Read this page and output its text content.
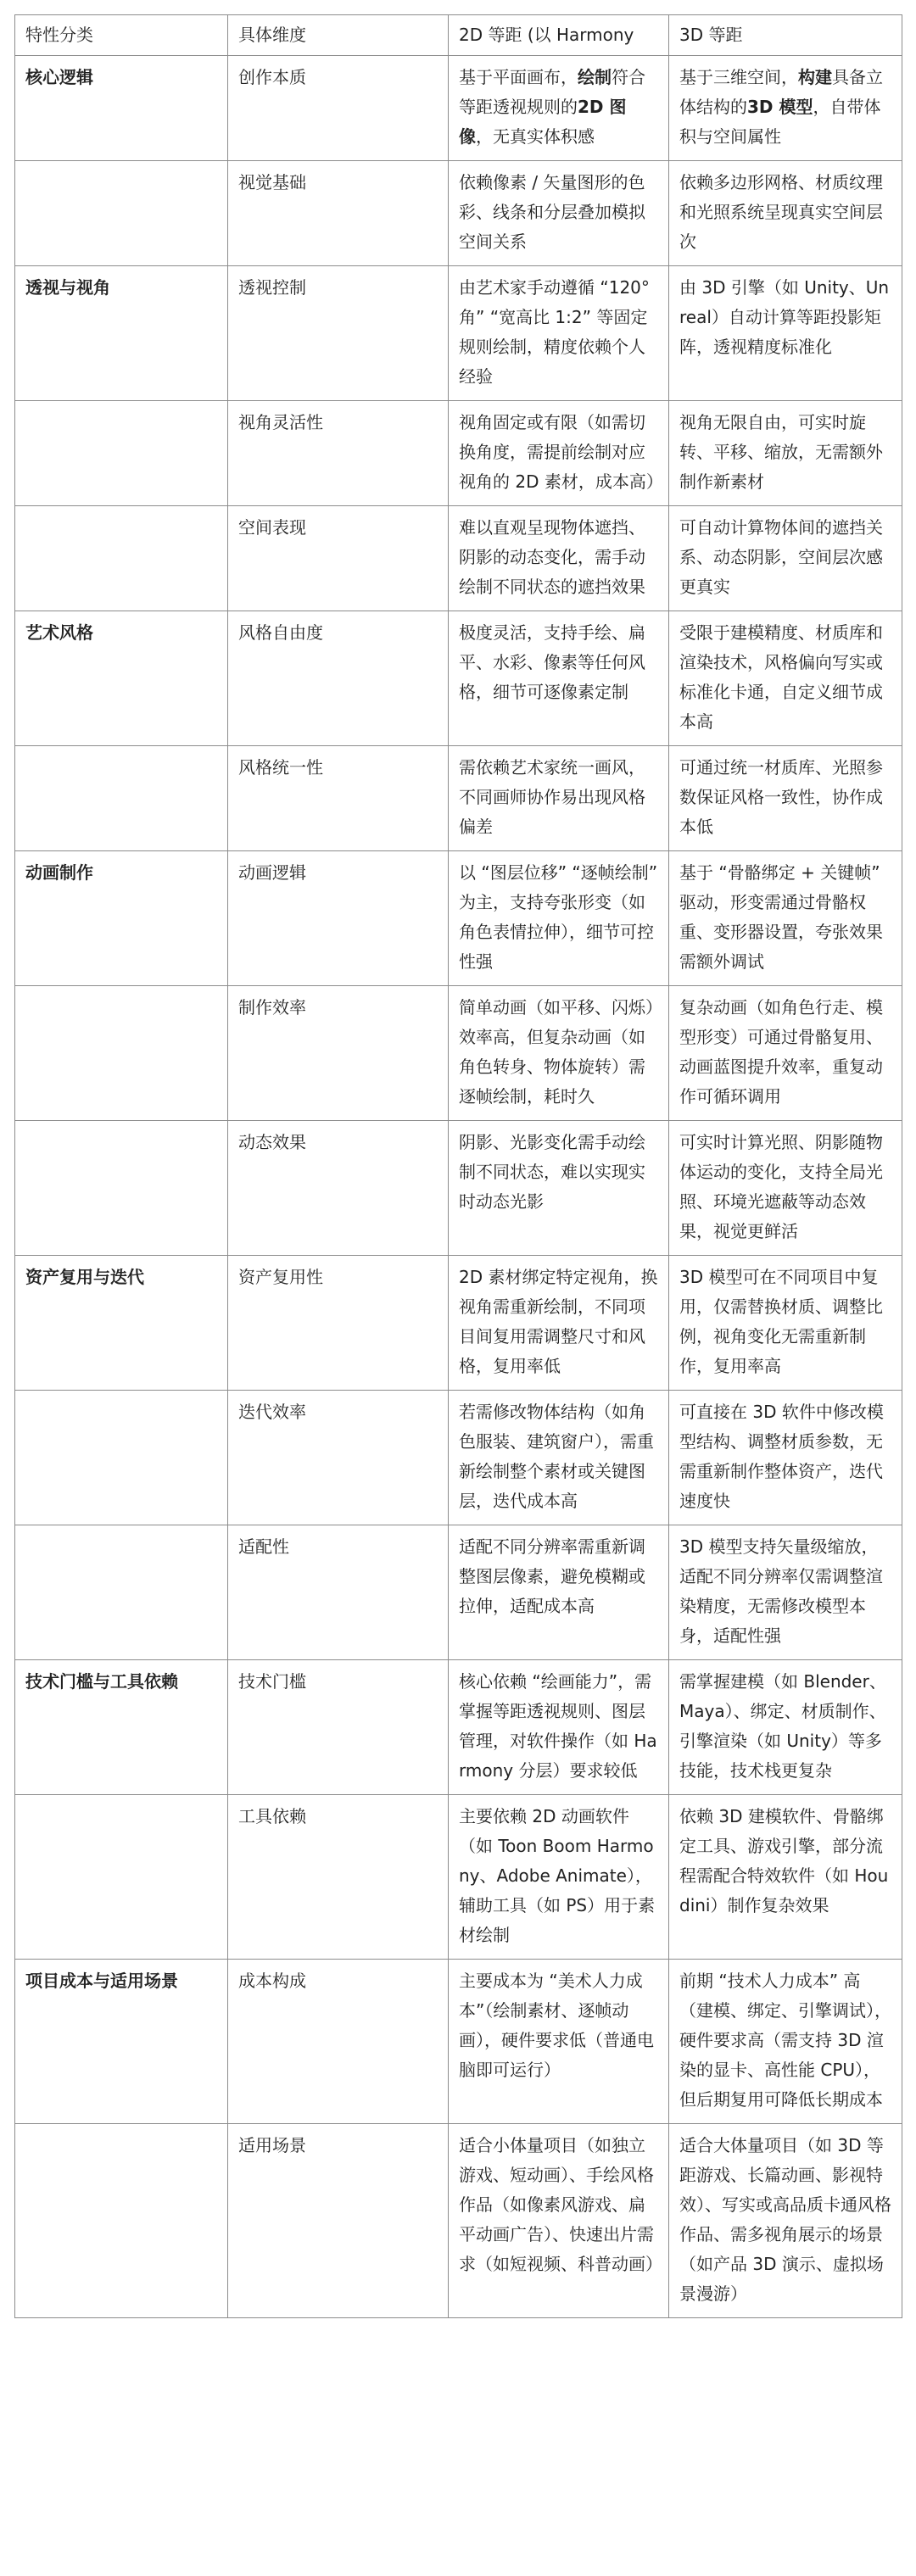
特性分类	具体维度	2D 等距 (以 Harmony	3D 等距
核心逻辑	创作本质	基于平面画布，绘制符合等距透视规则的2D 图像，无真实体积感	基于三维空间，构建具备立体结构的3D 模型，自带体积与空间属性
	视觉基础	依赖像素 / 矢量图形的色彩、线条和分层叠加模拟空间关系	依赖多边形网格、材质纹理和光照系统呈现真实空间层次
透视与视角	透视控制	由艺术家手动遵循 “120° 角” “宽高比 1:2” 等固定规则绘制，精度依赖个人经验	由 3D 引擎（如 Unity、Unreal）自动计算等距投影矩阵，透视精度标准化
	视角灵活性	视角固定或有限（如需切换角度，需提前绘制对应视角的 2D 素材，成本高）	视角无限自由，可实时旋转、平移、缩放，无需额外制作新素材
	空间表现	难以直观呈现物体遮挡、阴影的动态变化，需手动绘制不同状态的遮挡效果	可自动计算物体间的遮挡关系、动态阴影，空间层次感更真实
艺术风格	风格自由度	极度灵活，支持手绘、扁平、水彩、像素等任何风格，细节可逐像素定制	受限于建模精度、材质库和渲染技术，风格偏向写实或标准化卡通，自定义细节成本高
	风格统一性	需依赖艺术家统一画风，不同画师协作易出现风格偏差	可通过统一材质库、光照参数保证风格一致性，协作成本低
动画制作	动画逻辑	以 “图层位移” “逐帧绘制” 为主，支持夸张形变（如角色表情拉伸），细节可控性强	基于 “骨骼绑定 + 关键帧” 驱动，形变需通过骨骼权重、变形器设置，夸张效果需额外调试
	制作效率	简单动画（如平移、闪烁）效率高，但复杂动画（如角色转身、物体旋转）需逐帧绘制，耗时久	复杂动画（如角色行走、模型形变）可通过骨骼复用、动画蓝图提升效率，重复动作可循环调用
	动态效果	阴影、光影变化需手动绘制不同状态，难以实现实时动态光影	可实时计算光照、阴影随物体运动的变化，支持全局光照、环境光遮蔽等动态效果，视觉更鲜活
资产复用与迭代	资产复用性	2D 素材绑定特定视角，换视角需重新绘制，不同项目间复用需调整尺寸和风格，复用率低	3D 模型可在不同项目中复用，仅需替换材质、调整比例，视角变化无需重新制作，复用率高
	迭代效率	若需修改物体结构（如角色服装、建筑窗户），需重新绘制整个素材或关键图层，迭代成本高	可直接在 3D 软件中修改模型结构、调整材质参数，无需重新制作整体资产，迭代速度快
	适配性	适配不同分辨率需重新调整图层像素，避免模糊或拉伸，适配成本高	3D 模型支持矢量级缩放，适配不同分辨率仅需调整渲染精度，无需修改模型本身，适配性强
技术门槛与工具依赖	技术门槛	核心依赖 “绘画能力”，需掌握等距透视规则、图层管理，对软件操作（如 Harmony 分层）要求较低	需掌握建模（如 Blender、Maya）、绑定、材质制作、引擎渲染（如 Unity）等多技能，技术栈更复杂
	工具依赖	主要依赖 2D 动画软件（如 Toon Boom Harmony、Adobe Animate），辅助工具（如 PS）用于素材绘制	依赖 3D 建模软件、骨骼绑定工具、游戏引擎，部分流程需配合特效软件（如 Houdini）制作复杂效果
项目成本与适用场景	成本构成	主要成本为 “美术人力成本”（绘制素材、逐帧动画），硬件要求低（普通电脑即可运行）	前期 “技术人力成本” 高（建模、绑定、引擎调试），硬件要求高（需支持 3D 渲染的显卡、高性能 CPU），但后期复用可降低长期成本
	适用场景	适合小体量项目（如独立游戏、短动画）、手绘风格作品（如像素风游戏、扁平动画广告）、快速出片需求（如短视频、科普动画）	适合大体量项目（如 3D 等距游戏、长篇动画、影视特效）、写实或高品质卡通风格作品、需多视角展示的场景（如产品 3D 演示、虚拟场景漫游）
